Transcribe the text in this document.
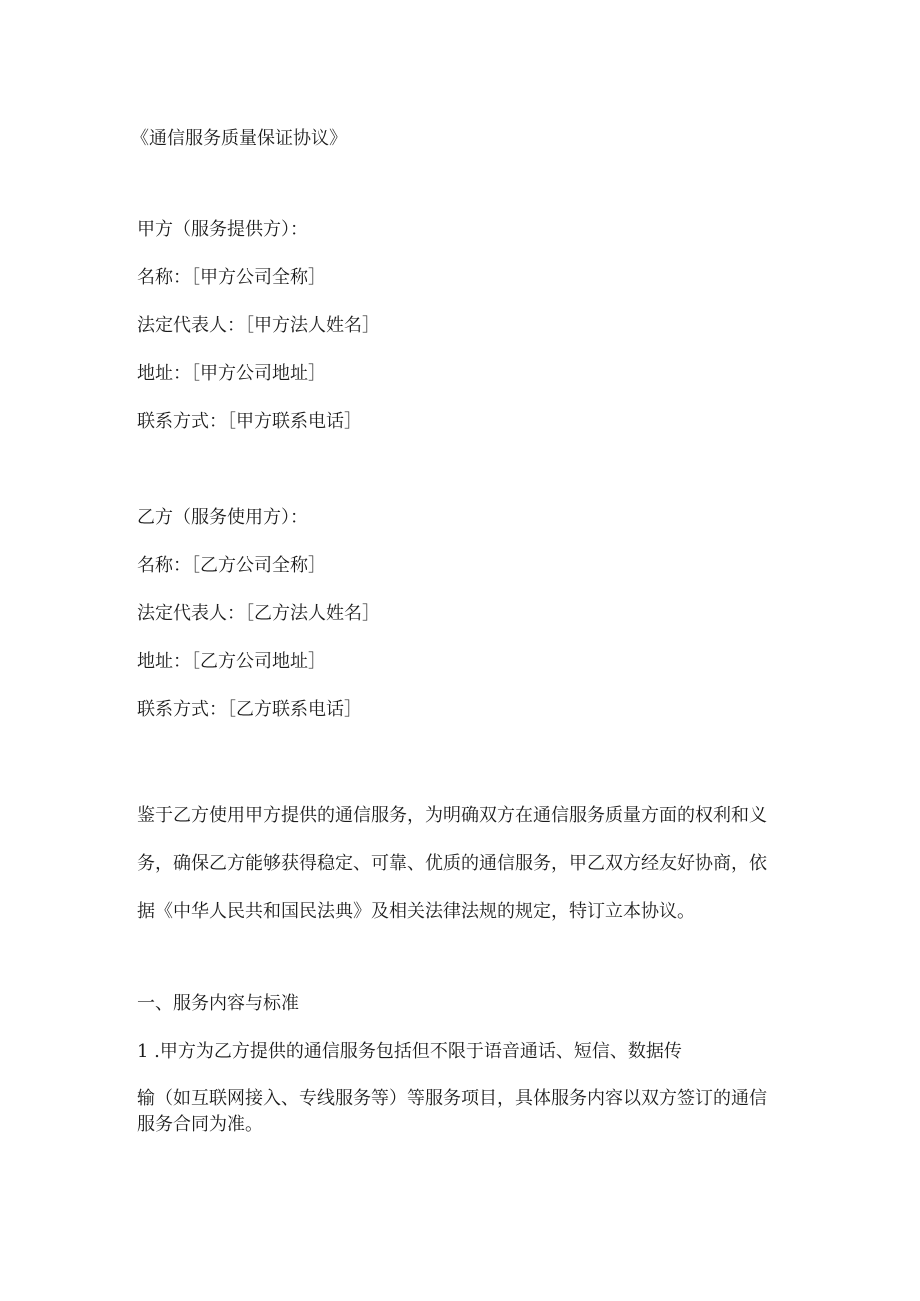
《通信服务质量保证协议》
甲方（服务提供方）：
名称：［甲方公司全称］
法定代表人：［甲方法人姓名］
地址：［甲方公司地址］
联系方式：［甲方联系电话］
乙方（服务使用方）：
名称：［乙方公司全称］
法定代表人：［乙方法人姓名］
地址：［乙方公司地址］
联系方式：［乙方联系电话］
鉴于乙方使用甲方提供的通信服务，为明确双方在通信服务质量方面的权利和义务，确保乙方能够获得稳定、可靠、优质的通信服务，甲乙双方经友好协商，依据《中华人民共和国民法典》及相关法律法规的规定，特订立本协议。
一、服务内容与标准
1 .甲方为乙方提供的通信服务包括但不限于语音通话、短信、数据传
输（如互联网接入、专线服务等）等服务项目，具体服务内容以双方签订的通信服务合同为准。
